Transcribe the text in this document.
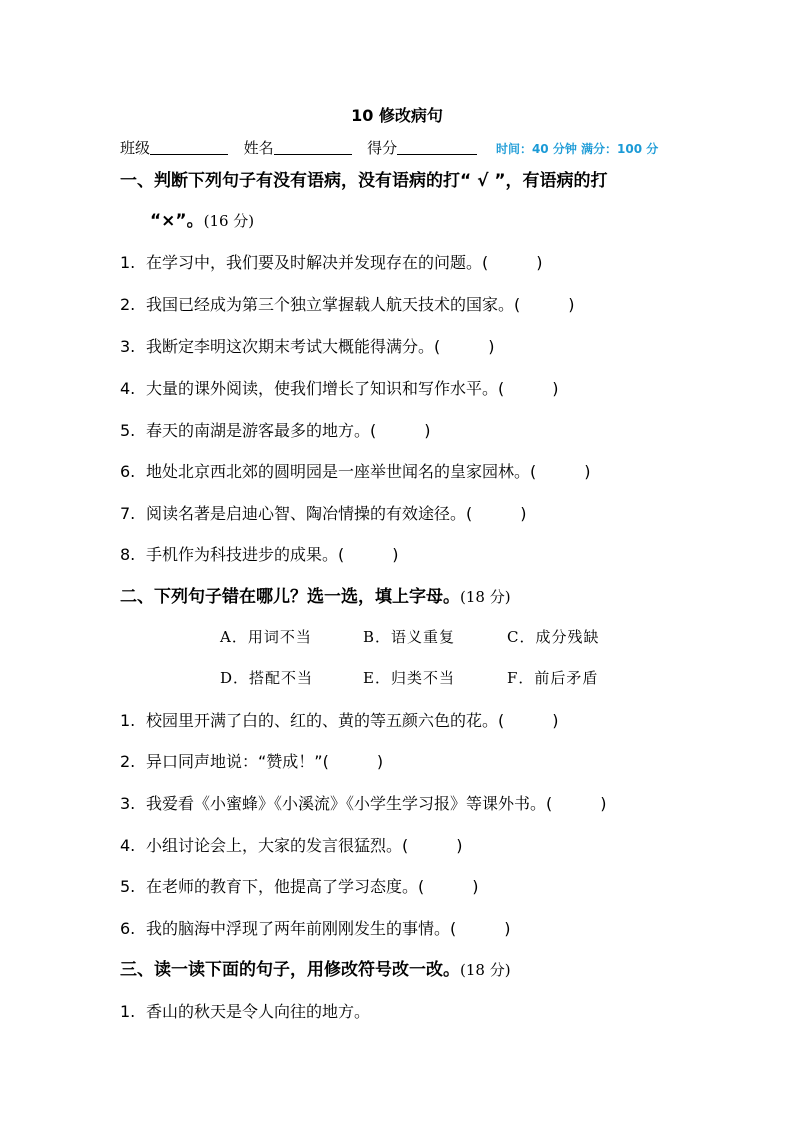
10 修改病句
班级	姓名	得分	时间：40 分钟 满分：100 分
一、判断下列句子有没有语病，没有语病的打“ √ ”，有语病的打
“×”。(16 分)
1. 在学习中，我们要及时解决并发现存在的问题。(	)
2. 我国已经成为第三个独立掌握载人航天技术的国家。(	)
3. 我断定李明这次期末考试大概能得满分。(	)
4. 大量的课外阅读，使我们增长了知识和写作水平。(	)
5. 春天的南湖是游客最多的地方。(	)
6. 地处北京西北郊的圆明园是一座举世闻名的皇家园林。(	)
7. 阅读名著是启迪心智、陶冶情操的有效途径。(	)
8. 手机作为科技进步的成果。(	)
二、下列句子错在哪儿？选一选，填上字母。(18 分)
A．用词不当	B．语义重复	C．成分残缺
D．搭配不当	E．归类不当	F．前后矛盾
1. 校园里开满了白的、红的、黄的等五颜六色的花。(	)
2. 异口同声地说：“赞成！”(	)
3. 我爱看《小蜜蜂》《小溪流》《小学生学习报》等课外书。(	)
4. 小组讨论会上，大家的发言很猛烈。(	)
5. 在老师的教育下，他提高了学习态度。(	)
6. 我的脑海中浮现了两年前刚刚发生的事情。(	)
三、读一读下面的句子，用修改符号改一改。(18 分)
1. 香山的秋天是令人向往的地方。
